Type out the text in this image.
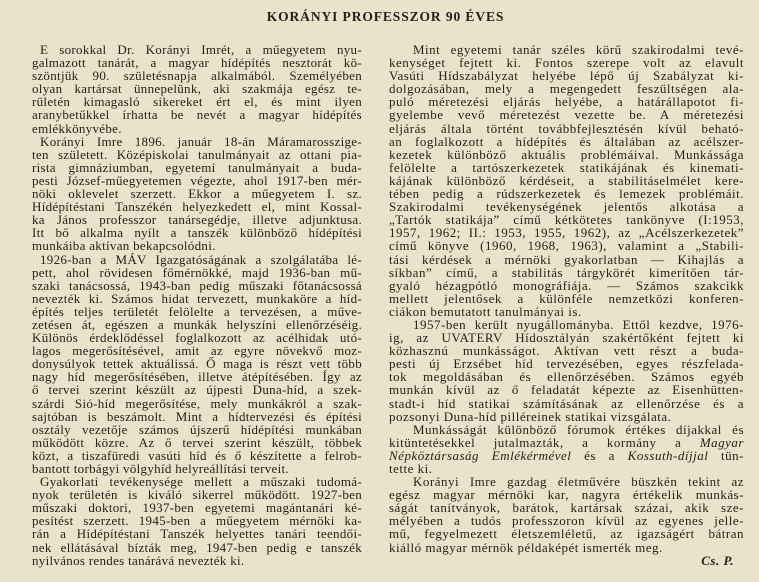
KORÁNYI PROFESSZOR 90 ÉVES
E sorokkal Dr. Korányi Imrét, a műegyetem nyu-
galmazott tanárát, a magyar hídépítés nesztorát kö-
szöntjük 90. születésnapja alkalmából. Személyében
olyan kartársat ünnepelünk, aki szakmája egész te-
rületén kimagasló sikereket ért el, és mint ilyen
aranybetűkkel írhatta be nevét a magyar hídépítés
emlékkönyvébe.
Korányi Imre 1896. január 18-án Máramarosszige-
ten született. Középiskolai tanulmányait az ottani pia-
rista gimnáziumban, egyetemi tanulmányait a buda-
pesti József-műegyetemen végezte, ahol 1917-ben mér-
nöki oklevelet szerzett. Ekkor a műegyetem I. sz.
Hídépítéstani Tanszékén helyezkedett el, mint Kossal-
ka János professzor tanársegédje, illetve adjunktusa.
Itt bő alkalma nyílt a tanszék különböző hídépítési
munkáiba aktívan bekapcsolódni.
1926-ban a MÁV Igazgatóságának a szolgálatába lé-
pett, ahol rövidesen főmérnökké, majd 1936-ban mű-
szaki tanácsossá, 1943-ban pedig műszaki főtanácsossá
nevezték ki. Számos hidat tervezett, munkaköre a híd-
építés teljes területét felölelte a tervezésen, a műve-
zetésen át, egészen a munkák helyszíni ellenőrzéséig.
Különös érdeklődéssel foglalkozott az acélhidak utó-
lagos megerősítésével, amit az egyre növekvő moz-
donysúlyok tettek aktuálissá. Ő maga is részt vett több
nagy híd megerősítésében, illetve átépítésében. Így az
ő tervei szerint készült az újpesti Duna-híd, a szek-
szárdi Sió-híd megerősítése, mely munkákról a szak-
sajtóban is beszámolt. Mint a hídtervezési és építési
osztály vezetője számos újszerű hídépítési munkában
működött közre. Az ő tervei szerint készült, többek
közt, a tiszafüredi vasúti híd és ő készítette a felrob-
bantott torbágyi völgyhíd helyreállítási terveit.
Gyakorlati tevékenysége mellett a műszaki tudomá-
nyok területén is kiváló sikerrel működött. 1927-ben
műszaki doktori, 1937-ben egyetemi magántanári ké-
pesítést szerzett. 1945-ben a műegyetem mérnöki ka-
rán a Hídépítéstani Tanszék helyettes tanári teendői-
nek ellátásával bízták meg, 1947-ben pedig e tanszék
nyilvános rendes tanárává nevezték ki.
Mint egyetemi tanár széles körű szakirodalmi tevé-
kenységet fejtett ki. Fontos szerepe volt az elavult
Vasúti Hídszabályzat helyébe lépő új Szabályzat ki-
dolgozásában, mely a megengedett feszültségen ala-
puló méretezési eljárás helyébe, a határállapotot fi-
gyelembe vevő méretezést vezette be. A méretezési
eljárás általa történt továbbfejlesztésén kívül beható-
an foglalkozott a hídépítés és általában az acélszer-
kezetek különböző aktuális problémáival. Munkássága
felölelte a tartószerkezetek statikájának és kinemati-
kájának különböző kérdéseit, a stabilitáselmélet kere-
tében pedig a rúdszerkezetek és lemezek problémáit.
Szakirodalmi tevékenységének jelentős alkotása a
„Tartók statikája” című kétkötetes tankönyve (I:1953,
1957, 1962; II.: 1953, 1955, 1962), az „Acélszerkezetek”
című könyve (1960, 1968, 1963), valamint a „Stabili-
tási kérdések a mérnöki gyakorlatban — Kihajlás a
síkban” című, a stabilitás tárgykörét kimerítően tár-
gyaló hézagpótló monográfiája. — Számos szakcikk
mellett jelentősek a különféle nemzetközi konferen-
ciákon bemutatott tanulmányai is.
1957-ben került nyugállományba. Ettől kezdve, 1976-
ig, az UVATERV Hídosztályán szakértőként fejtett ki
közhasznú munkásságot. Aktívan vett részt a buda-
pesti új Erzsébet híd tervezésében, egyes részfelada-
tok megoldásában és ellenőrzésében. Számos egyéb
munkán kívül az ő feladatát képezte az Eisenhütten-
stadt-i híd statikai számításának az ellenőrzése és a
pozsonyi Duna-híd pilléreinek statikai vizsgálata.
Munkásságát különböző fórumok értékes díjakkal és
kitüntetésekkel jutalmazták, a kormány a Magyar
Népköztársaság Emlékérmével és a Kossuth-díjjal tün-
tette ki.
Korányi Imre gazdag életművére büszkén tekint az
egész magyar mérnöki kar, nagyra értékelik munkás-
ságát tanítványok, barátok, kartársak százai, akik sze-
mélyében a tudós professzoron kívül az egyenes jelle-
mű, fegyelmezett életszemléletű, az igazságért bátran
kiálló magyar mérnök példaképét ismerték meg.
Cs. P.
